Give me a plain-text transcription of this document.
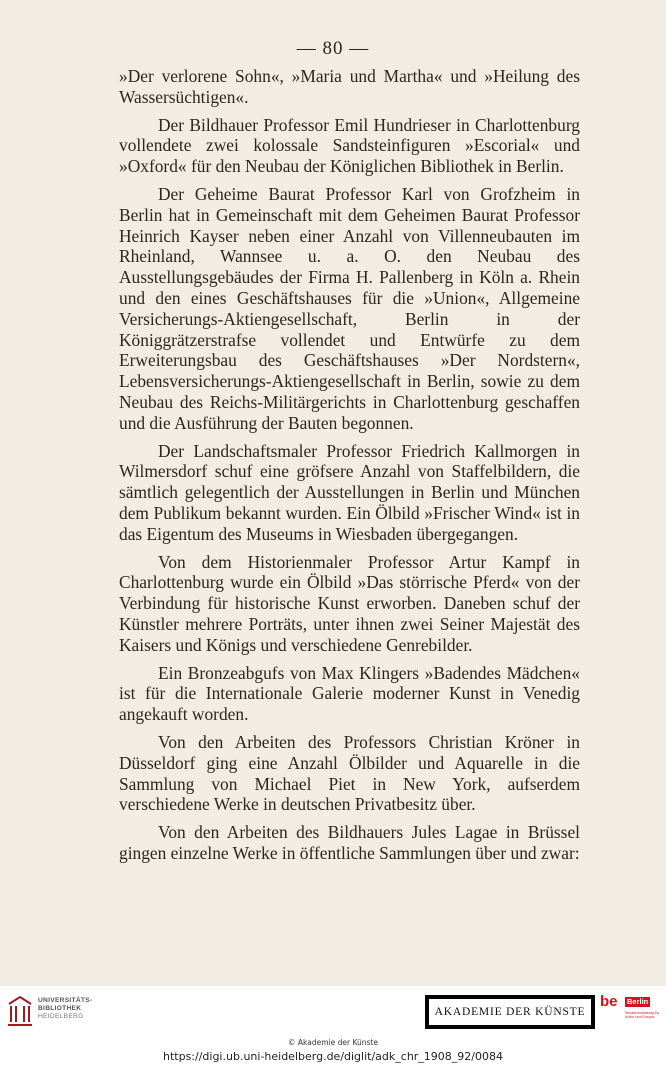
— 80 —

»Der verlorene Sohn«, »Maria und Martha« und »Heilung des Wassersüchtigen«.

Der Bildhauer Professor Emil Hundrieser in Charlottenburg vollendete zwei kolossale Sandsteinfiguren »Escorial« und »Oxford« für den Neubau der Königlichen Bibliothek in Berlin.

Der Geheime Baurat Professor Karl von Grofzheim in Berlin hat in Gemeinschaft mit dem Geheimen Baurat Professor Heinrich Kayser neben einer Anzahl von Villenneubauten im Rheinland, Wannsee u. a. O. den Neubau des Ausstellungsgebäudes der Firma H. Pallenberg in Köln a. Rhein und den eines Geschäftshauses für die »Union«, Allgemeine Versicherungs-Aktiengesellschaft, Berlin in der Königgrätzerstrafse vollendet und Entwürfe zu dem Erweiterungsbau des Geschäftshauses »Der Nordstern«, Lebensversicherungs-Aktiengesellschaft in Berlin, sowie zu dem Neubau des Reichs-Militärgerichts in Charlottenburg geschaffen und die Ausführung der Bauten begonnen.

Der Landschaftsmaler Professor Friedrich Kallmorgen in Wilmersdorf schuf eine gröfsere Anzahl von Staffelbildern, die sämtlich gelegentlich der Ausstellungen in Berlin und München dem Publikum bekannt wurden. Ein Ölbild »Frischer Wind« ist in das Eigentum des Museums in Wiesbaden übergegangen.

Von dem Historienmaler Professor Artur Kampf in Charlottenburg wurde ein Ölbild »Das störrische Pferd« von der Verbindung für historische Kunst erworben. Daneben schuf der Künstler mehrere Porträts, unter ihnen zwei Seiner Majestät des Kaisers und Königs und verschiedene Genrebilder.

Ein Bronzeabgufs von Max Klingers »Badendes Mädchen« ist für die Internationale Galerie moderner Kunst in Venedig angekauft worden.

Von den Arbeiten des Professors Christian Kröner in Düsseldorf ging eine Anzahl Ölbilder und Aquarelle in die Sammlung von Michael Piet in New York, aufserdem verschiedene Werke in deutschen Privatbesitz über.

Von den Arbeiten des Bildhauers Jules Lagae in Brüssel gingen einzelne Werke in öffentliche Sammlungen über und zwar:

UNIVERSITÄTS-
BIBLIOTHEK
HEIDELBERG	AKADEMIE DER KÜNSTE
be Berlin
Senatsverwaltung für Kultur und Europa
© Akademie der Künste
https://digi.ub.uni-heidelberg.de/diglit/adk_chr_1908_92/0084
